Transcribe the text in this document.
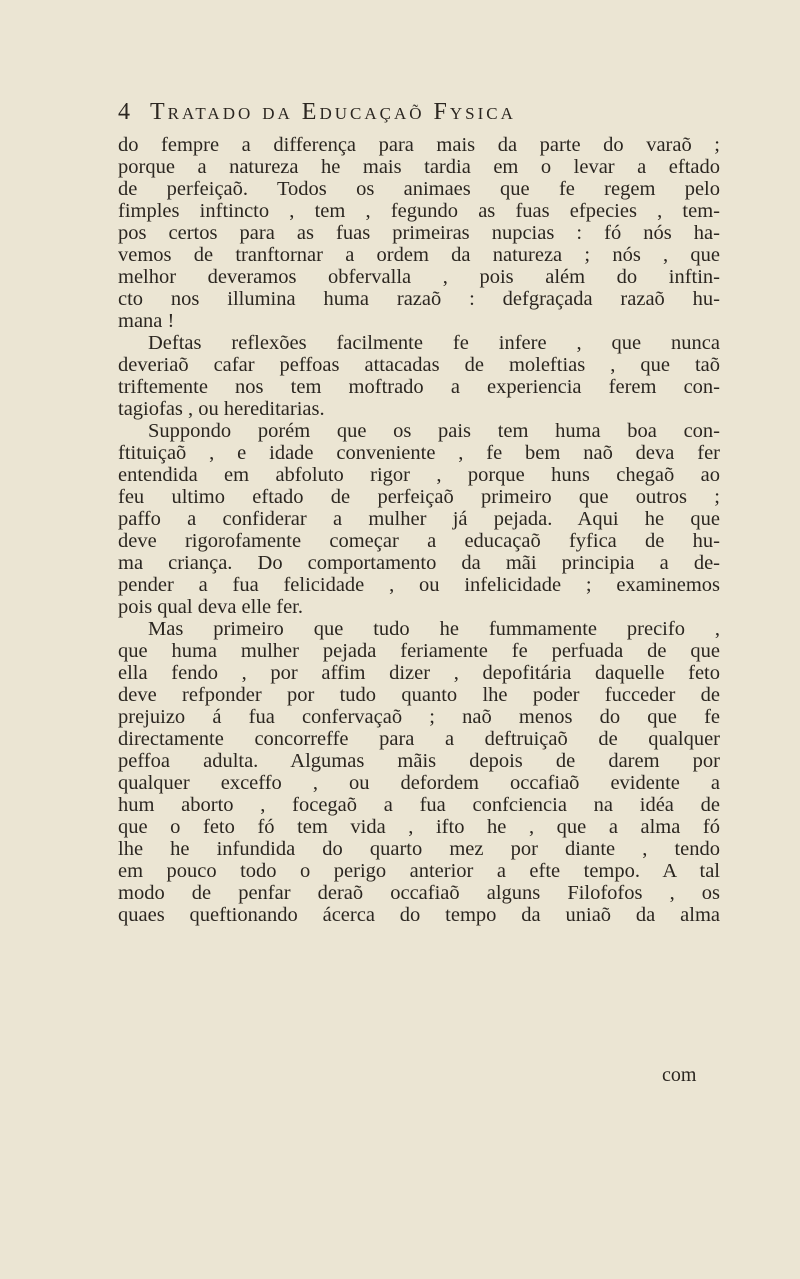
4 Tratado da Educaçaõ Fysica
do fempre a differença para mais da parte do varaõ ;
porque a natureza he mais tardia em o levar a eftado
de perfeiçaõ. Todos os animaes que fe regem pelo
fimples inftincto , tem , fegundo as fuas efpecies , tem-
pos certos para as fuas primeiras nupcias : fó nós ha-
vemos de tranftornar a ordem da natureza ; nós , que
melhor deveramos obfervalla , pois além do inftin-
cto nos illumina huma razaõ : defgraçada razaõ hu-
mana !
Deftas reflexões facilmente fe infere , que nunca
deveriaõ cafar peffoas attacadas de moleftias , que taõ
triftemente nos tem moftrado a experiencia ferem con-
tagiofas , ou hereditarias.
Suppondo porém que os pais tem huma boa con-
ftituiçaõ , e idade conveniente , fe bem naõ deva fer
entendida em abfoluto rigor , porque huns chegaõ ao
feu ultimo eftado de perfeiçaõ primeiro que outros ;
paffo a confiderar a mulher já pejada. Aqui he que
deve rigorofamente começar a educaçaõ fyfica de hu-
ma criança. Do comportamento da mãi principia a de-
pender a fua felicidade , ou infelicidade ; examinemos
pois qual deva elle fer.
Mas primeiro que tudo he fummamente precifo ,
que huma mulher pejada feriamente fe perfuada de que
ella fendo , por affim dizer , depofitária daquelle feto
deve refponder por tudo quanto lhe poder fucceder de
prejuizo á fua confervaçaõ ; naõ menos do que fe
directamente concorreffe para a deftruiçaõ de qualquer
peffoa adulta. Algumas mãis depois de darem por
qualquer exceffo , ou defordem occafiaõ evidente a
hum aborto , focegaõ a fua confciencia na idéa de
que o feto fó tem vida , ifto he , que a alma fó
lhe he infundida do quarto mez por diante , tendo
em pouco todo o perigo anterior a efte tempo. A tal
modo de penfar deraõ occafiaõ alguns Filofofos , os
quaes queftionando ácerca do tempo da uniaõ da alma
com
